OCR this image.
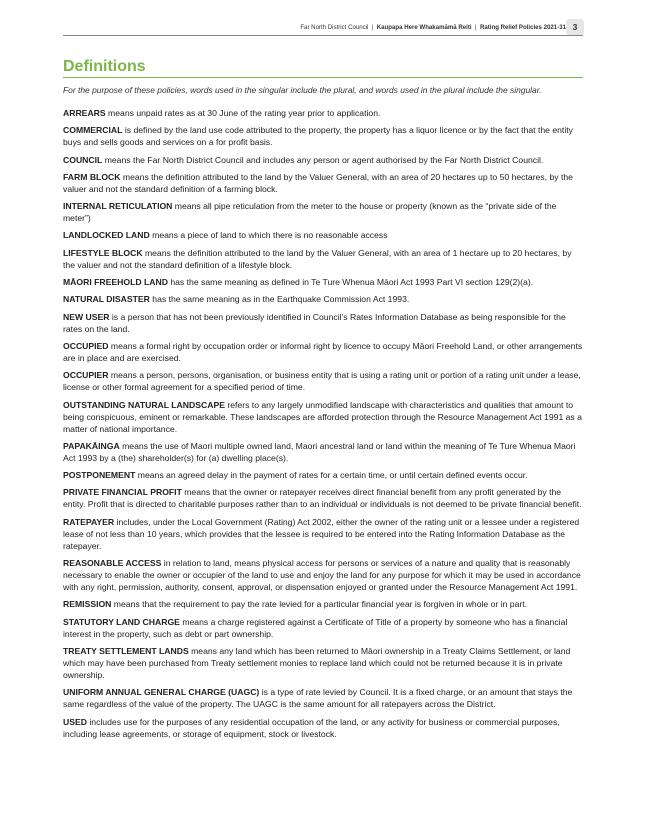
Far North District Council | Kaupapa Here Whakamāmā Reiti | Rating Relief Policies 2021-31 3
Definitions

For the purpose of these policies, words used in the singular include the plural, and words used in the plural include the singular.

ARREARS means unpaid rates as at 30 June of the rating year prior to application.
COMMERCIAL is defined by the land use code attributed to the property, the property has a liquor licence or by the fact that the entity buys and sells goods and services on a for profit basis.
COUNCIL means the Far North District Council and includes any person or agent authorised by the Far North District Council.
FARM BLOCK means the definition attributed to the land by the Valuer General, with an area of 20 hectares up to 50 hectares, by the valuer and not the standard definition of a farming block.
INTERNAL RETICULATION means all pipe reticulation from the meter to the house or property (known as the “private side of the meter”)
LANDLOCKED LAND means a piece of land to which there is no reasonable access
LIFESTYLE BLOCK means the definition attributed to the land by the Valuer General, with an area of 1 hectare up to 20 hectares, by the valuer and not the standard definition of a lifestyle block.
MĀORI FREEHOLD LAND has the same meaning as defined in Te Ture Whenua Māori Act 1993 Part VI section 129(2)(a).
NATURAL DISASTER has the same meaning as in the Earthquake Commission Act 1993.
NEW USER is a person that has not been previously identified in Council’s Rates Information Database as being responsible for the rates on the land.
OCCUPIED means a formal right by occupation order or informal right by licence to occupy Māori Freehold Land, or other arrangements are in place and are exercised.
OCCUPIER means a person, persons, organisation, or business entity that is using a rating unit or portion of a rating unit under a lease, license or other formal agreement for a specified period of time.
OUTSTANDING NATURAL LANDSCAPE refers to any largely unmodified landscape with characteristics and qualities that amount to being conspicuous, eminent or remarkable. These landscapes are afforded protection through the Resource Management Act 1991 as a matter of national importance.
PAPAKĀINGA means the use of Maori multiple owned land, Maori ancestral land or land within the meaning of Te Ture Whenua Maori Act 1993 by a (the) shareholder(s) for (a) dwelling place(s).
POSTPONEMENT means an agreed delay in the payment of rates for a certain time, or until certain defined events occur.
PRIVATE FINANCIAL PROFIT means that the owner or ratepayer receives direct financial benefit from any profit generated by the entity. Profit that is directed to charitable purposes rather than to an individual or individuals is not deemed to be private financial benefit.
RATEPAYER includes, under the Local Government (Rating) Act 2002, either the owner of the rating unit or a lessee under a registered lease of not less than 10 years, which provides that the lessee is required to be entered into the Rating Information Database as the ratepayer.
REASONABLE ACCESS in relation to land, means physical access for persons or services of a nature and quality that is reasonably necessary to enable the owner or occupier of the land to use and enjoy the land for any purpose for which it may be used in accordance with any right, permission, authority, consent, approval, or dispensation enjoyed or granted under the Resource Management Act 1991.
REMISSION means that the requirement to pay the rate levied for a particular financial year is forgiven in whole or in part.
STATUTORY LAND CHARGE means a charge registered against a Certificate of Title of a property by someone who has a financial interest in the property, such as debt or part ownership.
TREATY SETTLEMENT LANDS means any land which has been returned to Māori ownership in a Treaty Claims Settlement, or land which may have been purchased from Treaty settlement monies to replace land which could not be returned because it is in private ownership.
UNIFORM ANNUAL GENERAL CHARGE (UAGC) is a type of rate levied by Council. It is a fixed charge, or an amount that stays the same regardless of the value of the property. The UAGC is the same amount for all ratepayers across the District.
USED includes use for the purposes of any residential occupation of the land, or any activity for business or commercial purposes, including lease agreements, or storage of equipment, stock or livestock.
